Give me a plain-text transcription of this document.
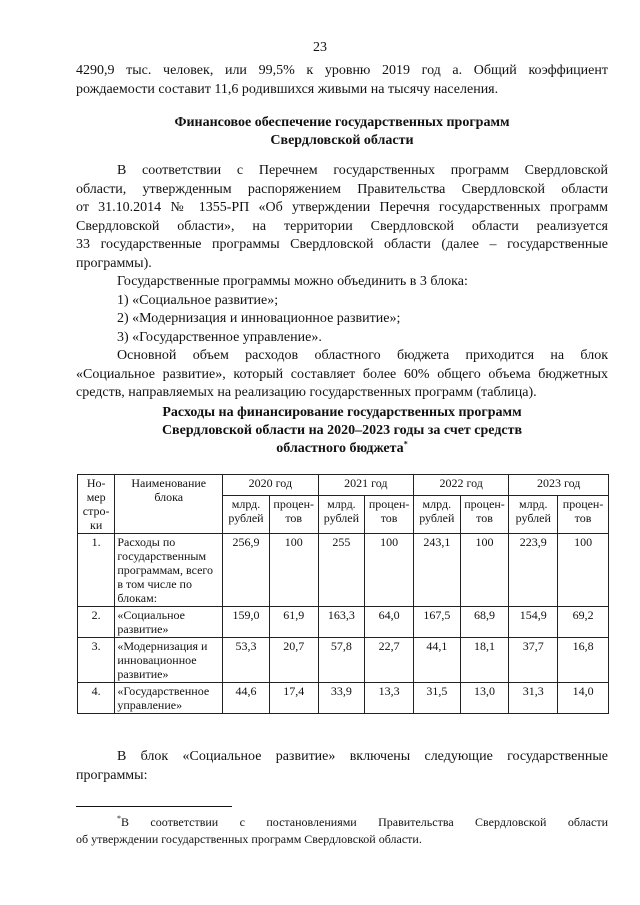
23

4290,9 тыс. человек, или 99,5% к уровню 2019 год а. Общий коэффициент

рождаемости составит 11,6 родившихся живыми на тысячу населения.

Финансовое обеспечение государственных программ
Свердловской области

В соответствии с Перечнем государственных программ Свердловской

области, утвержденным распоряжением Правительства Свердловской области

от 31.10.2014 № 1355-РП «Об утверждении Перечня государственных программ

Свердловской области», на территории Свердловской области реализуется

33 государственные программы Свердловской области (далее – государственные

программы).

Государственные программы можно объединить в 3 блока:

1) «Социальное развитие»;

2) «Модернизация и инновационное развитие»;

3) «Государственное управление».

Основной объем расходов областного бюджета приходится на блок

«Социальное развитие», который составляет более 60% общего объема бюджетных

средств, направляемых на реализацию государственных программ (таблица).

Расходы на финансирование государственных программ
Свердловской области на 2020–2023 годы за счет средств
областного бюджета*
Но-мер стро-ки	Наименование блока	2020 год		2021 год		2022 год		2023 год	
		млрд. рублей	процен-тов	млрд. рублей	процен-тов	млрд. рублей	процен-тов	млрд. рублей	процен-тов
1.	Расходы по государственным программам, всего в том числе по блокам:	256,9	100	255	100	243,1	100	223,9	100
2.	«Социальное развитие»	159,0	61,9	163,3	64,0	167,5	68,9	154,9	69,2
3.	«Модернизация и инновационное развитие»	53,3	20,7	57,8	22,7	44,1	18,1	37,7	16,8
4.	«Государственное управление»	44,6	17,4	33,9	13,3	31,5	13,0	31,3	14,0

В блок «Социальное развитие» включены следующие государственные

программы:

*В соответствии с постановлениями Правительства Свердловской области

об утверждении государственных программ Свердловской области.
